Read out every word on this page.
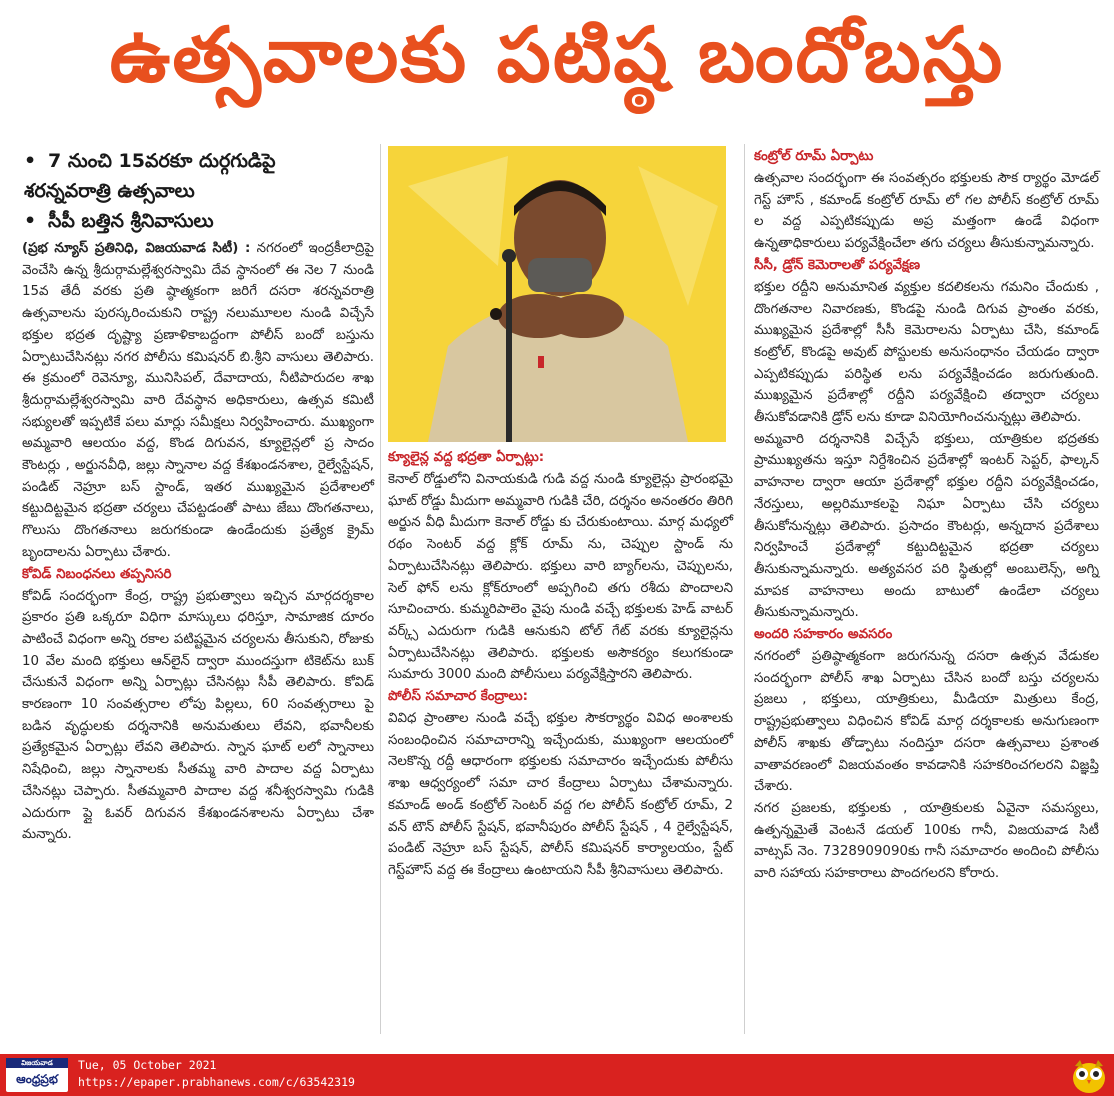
ఉత్సవాలకు పటిష్ఠ బందోబస్తు
• 7 నుంచి 15వరకూ దుర్గగుడిపై
శరన్నవరాత్రి ఉత్సవాలు
• సీపీ బత్తిన శ్రీనివాసులు

(ప్రభ న్యూస్ ప్రతినిధి, విజయవాడ సిటీ) : నగరంలో ఇంద్రకీలాద్రిపై వెంచేసి ఉన్న శ్రీదుర్గామల్లేశ్వరస్వామి దేవ స్థానంలో ఈ నెల 7 నుండి 15వ తేదీ వరకు ప్రతి ష్ఠాత్మకంగా జరిగే దసరా శరన్నవరాత్రి ఉత్సవాలను పురస్కరించుకుని రాష్ట్ర నలుమూలల నుండి విచ్చేసే భక్తుల భద్రత దృష్ట్యా ప్రణాళికాబద్దంగా పోలీస్ బందో బస్తును ఏర్పాటుచేసినట్లు నగర పోలీసు కమిషనర్ బి.శ్రీని వాసులు తెలిపారు. ఈ క్రమంలో రెవెన్యూ, మునిసిపల్, దేవాదాయ, నీటిపారుదల శాఖ శ్రీదుర్గామల్లేశ్వరస్వామి వారి దేవస్థాన అధికారులు, ఉత్సవ కమిటీ సభ్యులతో ఇప్పటికే పలు మార్లు సమీక్షలు నిర్వహించారు. ముఖ్యంగా అమ్మవారి ఆలయం వద్ద, కొండ దిగువన, క్యూలైన్లలో ప్ర సాదం కౌంటర్లు , అర్జునవీధి, జల్లు స్నానాల వద్ద కేశఖండనశాల, రైల్వేస్టేషన్, పండిట్ నెహ్రూ బస్ స్టాండ్, ఇతర ముఖ్యమైన ప్రదేశాలలో కట్టుదిట్టమైన భద్రతా చర్యలు చేపట్టడంతో పాటు జేబు దొంగతనాలు, గొలుసు దొంగతనాలు జరుగకుండా ఉండేందుకు ప్రత్యేక క్రైమ్ బృందాలను ఏర్పాటు చేశారు.

కోవిడ్ నిబంధనలు తప్పనిసరి

కోవిడ్ సందర్భంగా కేంద్ర, రాష్ట్ర ప్రభుత్వాలు ఇచ్చిన మార్గదర్శకాల ప్రకారం ప్రతి ఒక్కరూ విధిగా మాస్కులు ధరిస్తూ, సామాజిక దూరం పాటించే విధంగా అన్ని రకాల పటిష్టమైన చర్యలను తీసుకుని, రోజుకు 10 వేల మంది భక్తులు ఆన్‌లైన్ ద్వారా ముందస్తుగా టికెట్‌ను బుక్ చేసుకునే విధంగా అన్ని ఏర్పాట్లు చేసినట్లు సీపీ తెలిపారు. కోవిడ్ కారణంగా 10 సంవత్సరాల లోపు పిల్లలు, 60 సంవత్సరాలు పై బడిన వృద్ధులకు దర్శనానికి అనుమతులు లేవని, భవానీలకు ప్రత్యేకమైన ఏర్పాట్లు లేవని తెలిపారు. స్నాన ఘాట్ లలో స్నానాలు నిషేధించి, జల్లు స్నానాలకు సీతమ్మ వారి పాదాల వద్ద ఏర్పాటు చేసినట్లు చెప్పారు. సీతమ్మవారి పాదాల వద్ద శనీశ్వరస్వామి గుడికి ఎదురుగా ప్లై ఓవర్ దిగువన కేశఖండనశాలను ఏర్పాటు చేశా మన్నారు.

క్యూలైన్ల వద్ద భద్రతా ఏర్పాట్లు:

కెనాల్ రోడ్డులోని వినాయకుడి గుడి వద్ద నుండి క్యూలైన్లు ప్రారంభమై ఘాట్ రోడ్డు మీదుగా అమ్మవారి గుడికి చేరి, దర్శనం అనంతరం తిరిగి అర్జున వీధి మీదుగా కెనాల్ రోడ్డు కు చేరుకుంటాయి. మార్గ మధ్యలో రథం సెంటర్ వద్ద క్లోక్ రూమ్ ను, చెప్పుల స్టాండ్ ను ఏర్పాటుచేసినట్లు తెలిపారు. భక్తులు వారి బ్యాగ్‌లను, చెప్పులను, సెల్ ఫోన్ లను క్లోక్‌రూంలో అప్పగించి తగు రశీదు పొందాలని సూచించారు. కుమ్మరిపాలెం వైపు నుండి వచ్చే భక్తులకు హెడ్ వాటర్ వర్క్స్ ఎదురుగా గుడికి ఆనుకుని టోల్ గేట్ వరకు క్యూలైన్లను ఏర్పాటుచేసినట్లు తెలిపారు. భక్తులకు అసౌకర్యం కలుగకుండా సుమారు 3000 మంది పోలీసులు పర్యవేక్షిస్తారని తెలిపారు.

పోలీస్ సమాచార కేంద్రాలు:

వివిధ ప్రాంతాల నుండి వచ్చే భక్తుల సౌకర్యార్థం వివిధ అంశాలకు సంబంధించిన సమాచారాన్ని ఇచ్చేందుకు, ముఖ్యంగా ఆలయంలో నెలకొన్న రద్దీ ఆధారంగా భక్తులకు సమాచారం ఇచ్చేందుకు పోలీసు శాఖ ఆధ్వర్యంలో సమా చార కేంద్రాలు ఏర్పాటు చేశామన్నారు. కమాండ్ అండ్ కంట్రోల్ సెంటర్ వద్ద గల పోలీస్ కంట్రోల్ రూమ్, 2 వన్ టౌన్ పోలీస్ స్టేషన్, భవానీపురం పోలీస్ స్టేషన్ , 4 రైల్వేస్టేషన్, పండిట్ నెహ్రూ బస్ స్టేషన్, పోలీస్ కమిషనర్ కార్యాలయం, స్టేట్ గెస్ట్‌హౌస్ వద్ద ఈ కేంద్రాలు ఉంటాయని సీపీ శ్రీనివాసులు తెలిపారు.

కంట్రోల్ రూమ్ ఏర్పాటు

ఉత్సవాల సందర్భంగా ఈ సంవత్సరం భక్తులకు సౌక ర్యార్థం మోడల్ గెస్ట్ హౌస్ , కమాండ్ కంట్రోల్ రూమ్ లో గల పోలీస్ కంట్రోల్ రూమ్ ల వద్ద ఎప్పటికప్పుడు అప్ర మత్తంగా ఉండే విధంగా ఉన్నతాధికారులు పర్యవేక్షించేలా తగు చర్యలు తీసుకున్నామన్నారు.

సీసీ, డ్రోన్ కెమెరాలతో పర్యవేక్షణ

భక్తుల రద్దీని అనుమానిత వ్యక్తుల కదలికలను గమనిం చేందుకు , దొంగతనాల నివారణకు, కొండపై నుండి దిగువ ప్రాంతం వరకు, ముఖ్యమైన ప్రదేశాల్లో సీసీ కెమెరాలను ఏర్పాటు చేసి, కమాండ్ కంట్రోల్, కొండపై అవుట్ పోస్టులకు అనుసంధానం చేయడం ద్వారా ఎప్పటికప్పుడు పరిస్థిత లను పర్యవేక్షించడం జరుగుతుంది. ముఖ్యమైన ప్రదేశాల్లో రద్దీని పర్యవేక్షించి తద్వారా చర్యలు తీసుకోవడానికి డ్రోన్ లను కూడా వినియోగించనున్నట్లు తెలిపారు.

అమ్మవారి దర్శనానికి విచ్చేసే భక్తులు, యాత్రికుల భద్రతకు ప్రాముఖ్యతను ఇస్తూ నిర్దేశించిన ప్రదేశాల్లో ఇంటర్ సెప్టర్, ఫాల్కన్ వాహనాల ద్వారా ఆయా ప్రదేశాల్లో భక్తుల రద్దీని పర్యవేక్షించడం, నేరస్తులు, అల్లరిమూకలపై నిఘా ఏర్పాటు చేసి చర్యలు తీసుకోనున్నట్లు తెలిపారు. ప్రసాదం కౌంటర్లు, అన్నదాన ప్రదేశాలు నిర్వహించే ప్రదేశాల్లో కట్టుదిట్టమైన భద్రతా చర్యలు తీసుకున్నామన్నారు. అత్యవసర పరి స్థితుల్లో అంబులెన్స్, అగ్ని మాపక వాహనాలు అందు బాటులో ఉండేలా చర్యలు తీసుకున్నామన్నారు.

అందరి సహకారం అవసరం

నగరంలో ప్రతిష్ఠాత్మకంగా జరుగనున్న దసరా ఉత్సవ వేడుకల సందర్భంగా పోలీస్ శాఖ ఏర్పాటు చేసిన బందో బస్తు చర్యలను ప్రజలు , భక్తులు, యాత్రికులు, మీడియా మిత్రులు కేంద్ర, రాష్ట్రప్రభుత్వాలు విధించిన కోవిడ్ మార్గ దర్శకాలకు అనుగుణంగా పోలీస్ శాఖకు తోడ్పాటు నందిస్తూ దసరా ఉత్సవాలు ప్రశాంత వాతావరణంలో విజయవంతం కావడానికి సహకరించగలరని విజ్ఞప్తి చేశారు.

నగర ప్రజలకు, భక్తులకు , యాత్రికులకు ఏవైనా సమస్యలు, ఉత్పన్నమైతే వెంటనే డయల్ 100కు గానీ, విజయవాడ సిటీ వాట్సప్ నెం. 7328909090కు గానీ సమాచారం అందించి పోలీసు వారి సహాయ సహకారాలు పొందగలరని కోరారు.

విజయవాడ
ఆంధ్రప్రభ
Tue, 05 October 2021
https://epaper.prabhanews.com/c/63542319
